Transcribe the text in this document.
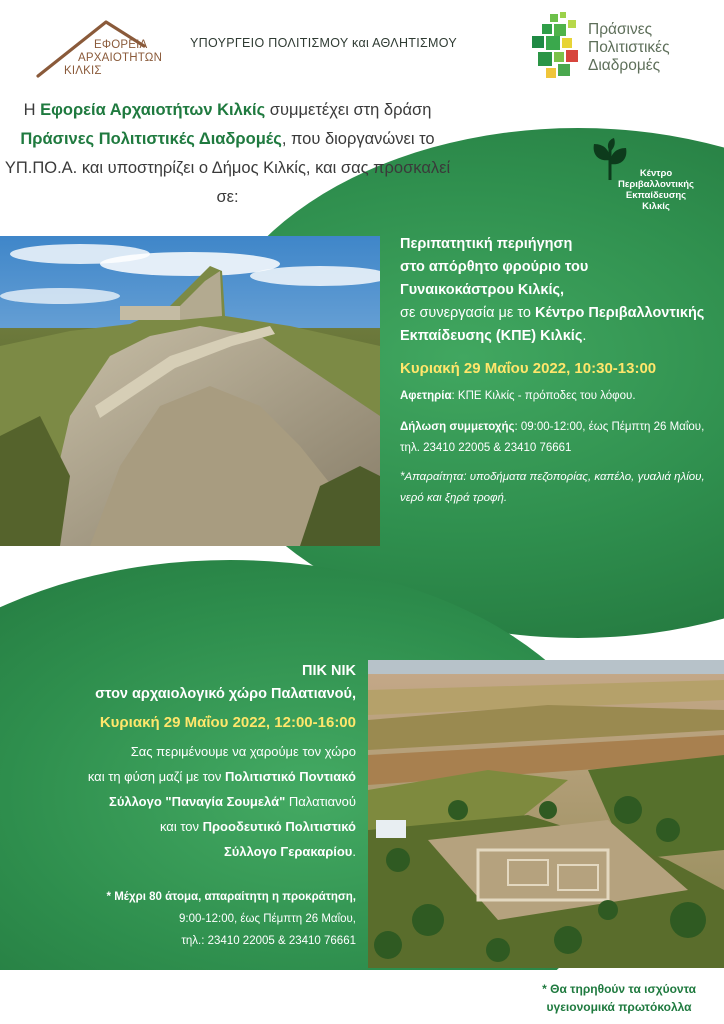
ΕΦΟΡΕΙΑ
ΑΡΧΑΙΟΤΗΤΩΝ
ΚΙΛΚΙΣ
ΥΠΟΥΡΓΕΙΟ ΠΟΛΙΤΙΣΜΟΥ και ΑΘΛΗΤΙΣΜΟΥ
Πράσινες
Πολιτιστικές
Διαδρομές
Η Εφορεία Αρχαιοτήτων Κιλκίς συμμετέχει στη δράση
Πράσινες Πολιτιστικές Διαδρομές, που διοργανώνει το ΥΠ.ΠΟ.Α. και υποστηρίζει ο Δήμος Κιλκίς, και σας προσκαλεί σε:
Κέντρο
Περιβαλλοντικής
Εκπαίδευσης
Κιλκίς
Περιπατητική περιήγηση
στο απόρθητο φρούριο του
Γυναικοκάστρου Κιλκίς,
σε συνεργασία με το Κέντρο Περιβαλλοντικής Εκπαίδευσης (ΚΠΕ) Κιλκίς.
Κυριακή 29 Μαΐου 2022, 10:30-13:00
Αφετηρία: ΚΠΕ Κιλκίς - πρόποδες του λόφου.
Δήλωση συμμετοχής: 09:00-12:00, έως Πέμπτη 26 Μαΐου, τηλ. 23410 22005 & 23410 76661
*Απαραίτητα: υποδήματα πεζοπορίας, καπέλο, γυαλιά ηλίου, νερό και ξηρά τροφή.
ΠΙΚ ΝΙΚ
στον αρχαιολογικό χώρο Παλατιανού,
Κυριακή 29 Μαΐου 2022, 12:00-16:00
Σας περιμένουμε να χαρούμε τον χώρο
και τη φύση μαζί με τον Πολιτιστικό Ποντιακό
Σύλλογο "Παναγία Σουμελά" Παλατιανού
και τον Προοδευτικό Πολιτιστικό
Σύλλογο Γερακαρίου.
* Μέχρι 80 άτομα, απαραίτητη η προκράτηση,
9:00-12:00, έως Πέμπτη 26 Μαΐου,
τηλ.: 23410 22005 & 23410 76661
* Θα τηρηθούν τα ισχύοντα
υγειονομικά πρωτόκολλα
